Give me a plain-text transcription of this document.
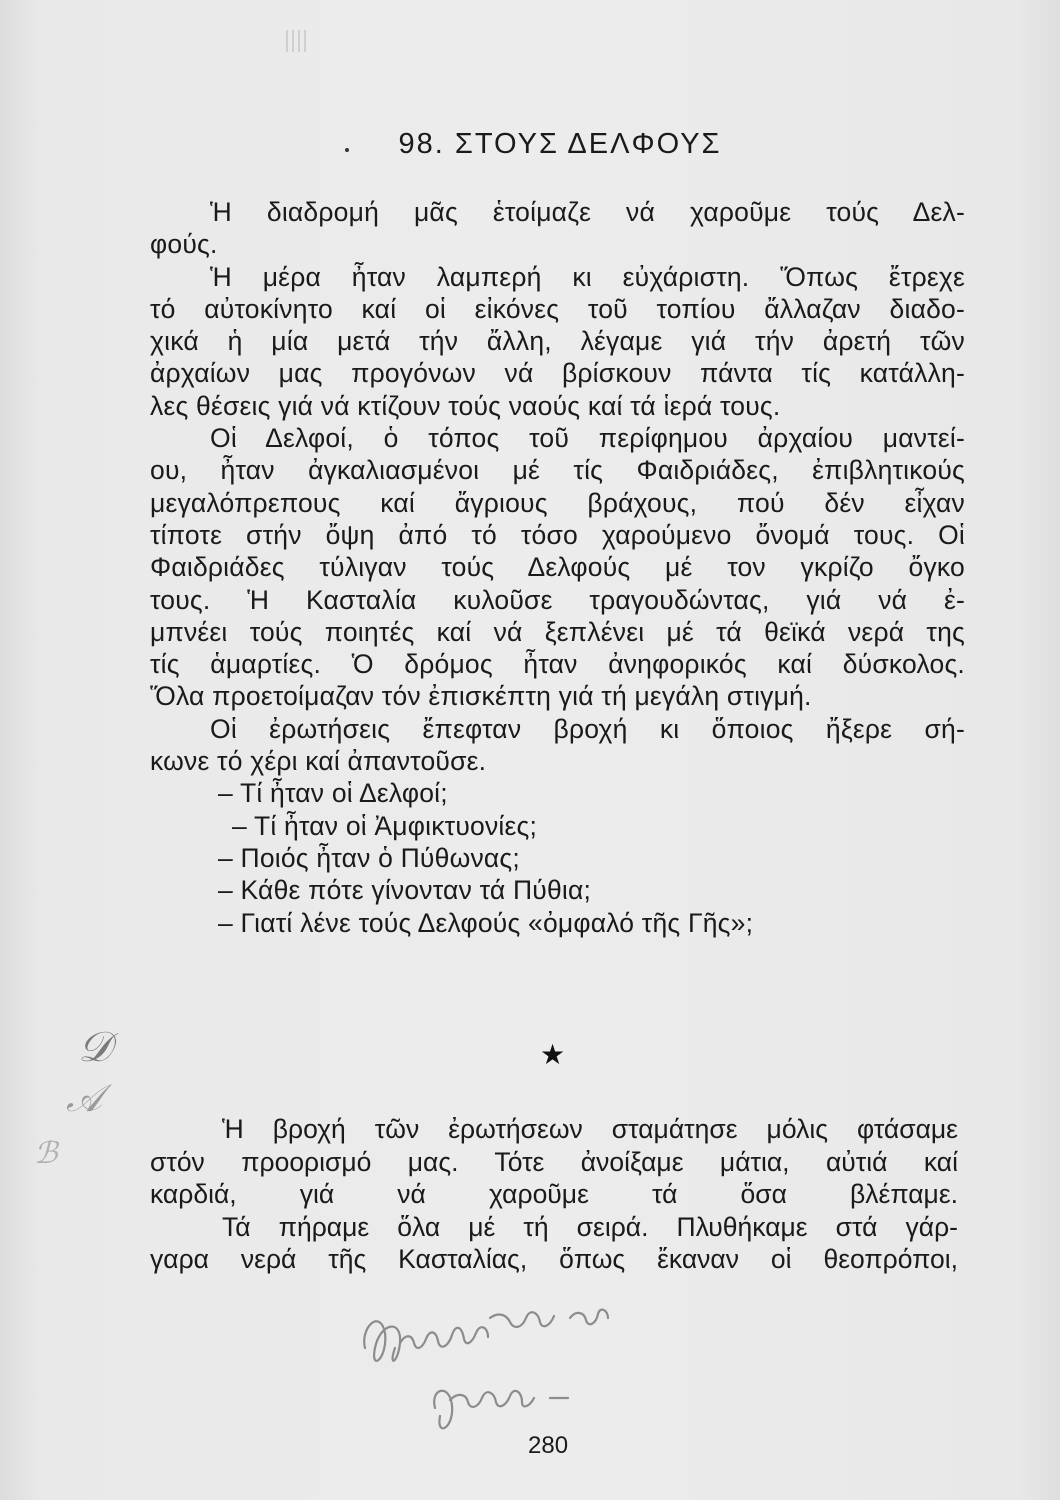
98. ΣΤΟΥΣ ΔΕΛΦΟΥΣ
Ἡ διαδρομή μᾶς ἑτοίμαζε νά χαροῦμε τούς Δελ-
φούς.
Ἡ μέρα ἦταν λαμπερή κι εὐχάριστη. Ὅπως ἔτρεχε
τό αὐτοκίνητο καί οἱ εἰκόνες τοῦ τοπίου ἄλλαζαν διαδο-
χικά ἡ μία μετά τήν ἄλλη, λέγαμε γιά τήν ἀρετή τῶν
ἀρχαίων μας προγόνων νά βρίσκουν πάντα τίς κατάλλη-
λες θέσεις γιά νά κτίζουν τούς ναούς καί τά ἱερά τους.
Οἱ Δελφοί, ὁ τόπος τοῦ περίφημου ἀρχαίου μαντεί-
ου, ἦταν ἀγκαλιασμένοι μέ τίς Φαιδριάδες, ἐπιβλητικούς
μεγαλόπρεπους καί ἄγριους βράχους, πού δέν εἶχαν
τίποτε στήν ὄψη ἀπό τό τόσο χαρούμενο ὄνομά τους. Οἱ
Φαιδριάδες τύλιγαν τούς Δελφούς μέ τον γκρίζο ὄγκο
τους. Ἡ Κασταλία κυλοῦσε τραγουδώντας, γιά νά ἐ-
μπνέει τούς ποιητές καί νά ξεπλένει μέ τά θεϊκά νερά της
τίς ἁμαρτίες. Ὁ δρόμος ἦταν ἀνηφορικός καί δύσκολος.
Ὅλα προετοίμαζαν τόν ἐπισκέπτη γιά τή μεγάλη στιγμή.
Οἱ ἐρωτήσεις ἔπεφταν βροχή κι ὅποιος ἤξερε σή-
κωνε τό χέρι καί ἀπαντοῦσε.
– Τί ἦταν οἱ Δελφοί;
– Τί ἦταν οἱ Ἀμφικτυονίες;
– Ποιός ἦταν ὁ Πύθωνας;
– Κάθε πότε γίνονταν τά Πύθια;
– Γιατί λένε τούς Δελφούς «ὀμφαλό τῆς Γῆς»;
★
Ἡ βροχή τῶν ἐρωτήσεων σταμάτησε μόλις φτάσαμε
στόν προορισμό μας. Τότε ἀνοίξαμε μάτια, αὐτιά καί
καρδιά, γιά νά χαροῦμε τά ὅσα βλέπαμε.
Τά πήραμε ὅλα μέ τή σειρά. Πλυθήκαμε στά γάρ-
γαρα νερά τῆς Κασταλίας, ὅπως ἔκαναν οἱ θεοπρόποι,
𝒟
𝒜
ℬ
280
